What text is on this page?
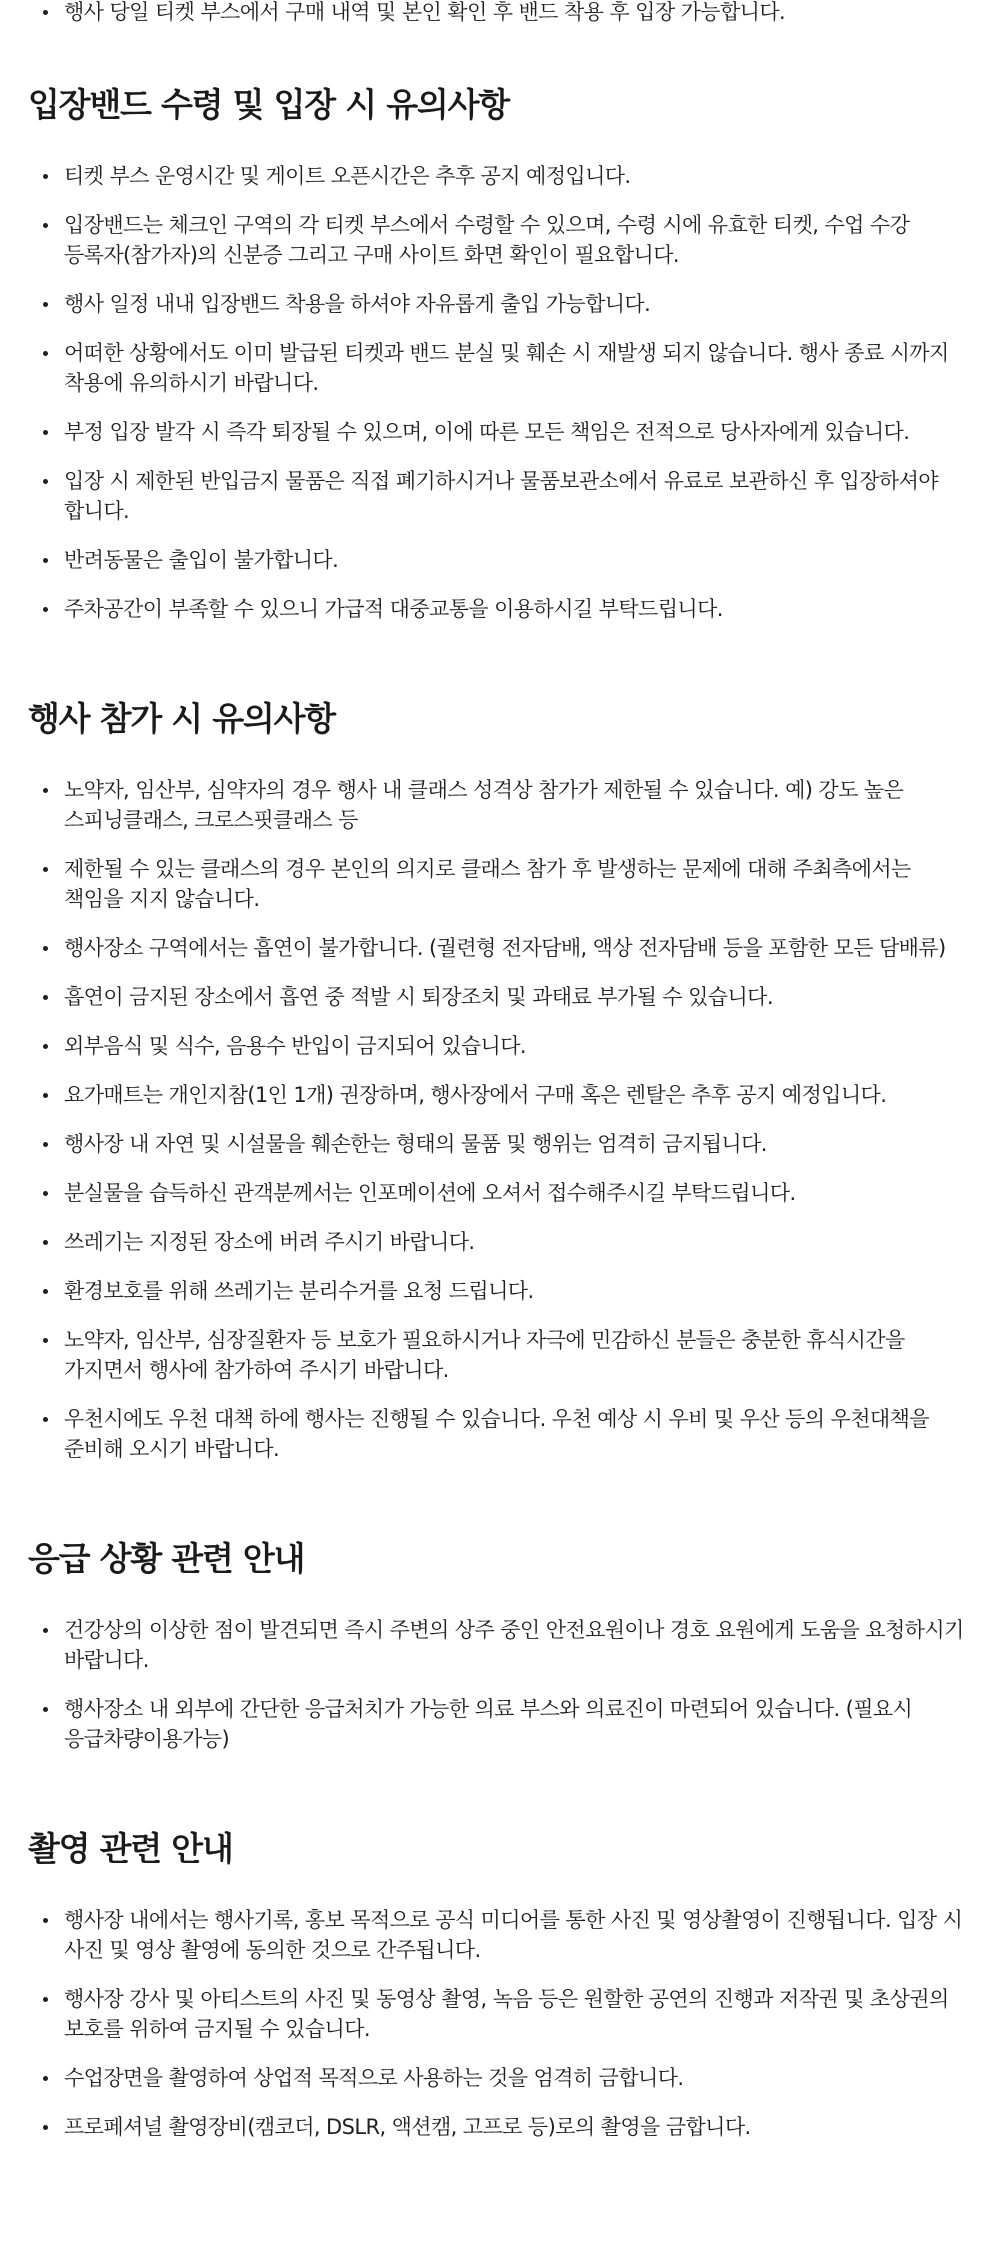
행사 당일 티켓 부스에서 구매 내역 및 본인 확인 후 밴드 착용 후 입장 가능합니다.
입장밴드 수령 및 입장 시 유의사항
티켓 부스 운영시간 및 게이트 오픈시간은 추후 공지 예정입니다.
입장밴드는 체크인 구역의 각 티켓 부스에서 수령할 수 있으며, 수령 시에 유효한 티켓, 수업 수강 등록자(참가자)의 신분증 그리고 구매 사이트 화면 확인이 필요합니다.
행사 일정 내내 입장밴드 착용을 하셔야 자유롭게 출입 가능합니다.
어떠한 상황에서도 이미 발급된 티켓과 밴드 분실 및 훼손 시 재발생 되지 않습니다. 행사 종료 시까지 착용에 유의하시기 바랍니다.
부정 입장 발각 시 즉각 퇴장될 수 있으며, 이에 따른 모든 책임은 전적으로 당사자에게 있습니다.
입장 시 제한된 반입금지 물품은 직접 폐기하시거나 물품보관소에서 유료로 보관하신 후 입장하셔야 합니다.
반려동물은 출입이 불가합니다.
주차공간이 부족할 수 있으니 가급적 대중교통을 이용하시길 부탁드립니다.
행사 참가 시 유의사항
노약자, 임산부, 심약자의 경우 행사 내 클래스 성격상 참가가 제한될 수 있습니다. 예) 강도 높은 스피닝클래스, 크로스핏클래스 등
제한될 수 있는 클래스의 경우 본인의 의지로 클래스 참가 후 발생하는 문제에 대해 주최측에서는 책임을 지지 않습니다.
행사장소 구역에서는 흡연이 불가합니다. (궐련형 전자담배, 액상 전자담배 등을 포함한 모든 담배류)
흡연이 금지된 장소에서 흡연 중 적발 시 퇴장조치 및 과태료 부가될 수 있습니다.
외부음식 및 식수, 음용수 반입이 금지되어 있습니다.
요가매트는 개인지참(1인 1개) 권장하며, 행사장에서 구매 혹은 렌탈은 추후 공지 예정입니다.
행사장 내 자연 및 시설물을 훼손한는 형태의 물품 및 행위는 엄격히 금지됩니다.
분실물을 습득하신 관객분께서는 인포메이션에 오셔서 접수해주시길 부탁드립니다.
쓰레기는 지정된 장소에 버려 주시기 바랍니다.
환경보호를 위해 쓰레기는 분리수거를 요청 드립니다.
노약자, 임산부, 심장질환자 등 보호가 필요하시거나 자극에 민감하신 분들은 충분한 휴식시간을 가지면서 행사에 참가하여 주시기 바랍니다.
우천시에도 우천 대책 하에 행사는 진행될 수 있습니다. 우천 예상 시 우비 및 우산 등의 우천대책을 준비해 오시기 바랍니다.
응급 상황 관련 안내
건강상의 이상한 점이 발견되면 즉시 주변의 상주 중인 안전요원이나 경호 요원에게 도움을 요청하시기 바랍니다.
행사장소 내 외부에 간단한 응급처치가 가능한 의료 부스와 의료진이 마련되어 있습니다. (필요시 응급차량이용가능)
촬영 관련 안내
행사장 내에서는 행사기록, 홍보 목적으로 공식 미디어를 통한 사진 및 영상촬영이 진행됩니다. 입장 시 사진 및 영상 촬영에 동의한 것으로 간주됩니다.
행사장 강사 및 아티스트의 사진 및 동영상 촬영, 녹음 등은 원할한 공연의 진행과 저작권 및 초상권의 보호를 위하여 금지될 수 있습니다.
수업장면을 촬영하여 상업적 목적으로 사용하는 것을 엄격히 금합니다.
프로페셔널 촬영장비(캠코더, DSLR, 액션캠, 고프로 등)로의 촬영을 금합니다.
